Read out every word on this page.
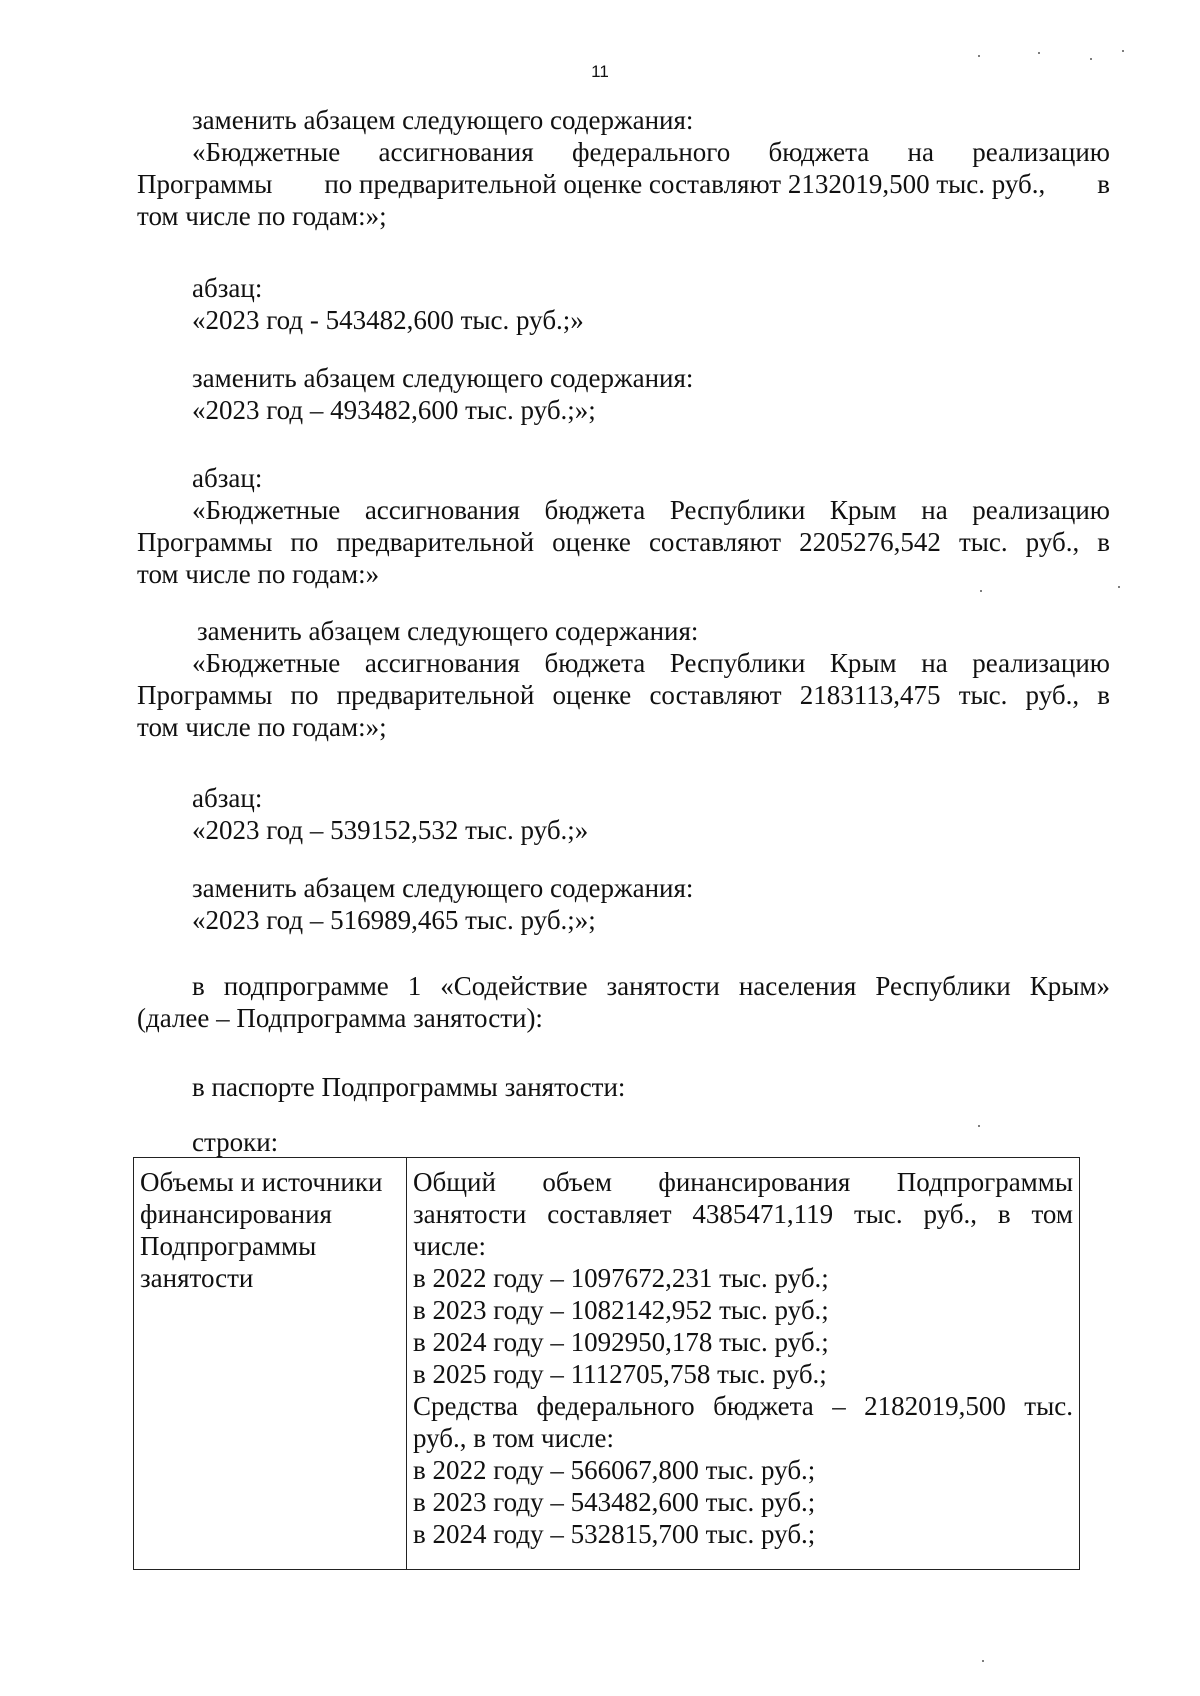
11
заменить абзацем следующего содержания:
«Бюджетные ассигнования федерального бюджета на реализацию
Программы по предварительной оценке составляют 2132019,500 тыс. руб., в
том числе по годам:»;
абзац:
«2023 год - 543482,600 тыс. руб.;»
заменить абзацем следующего содержания:
«2023 год – 493482,600 тыс. руб.;»;
абзац:
«Бюджетные ассигнования бюджета Республики Крым на реализацию
Программы по предварительной оценке составляют 2205276,542 тыс. руб., в
том числе по годам:»
заменить абзацем следующего содержания:
«Бюджетные ассигнования бюджета Республики Крым на реализацию
Программы по предварительной оценке составляют 2183113,475 тыс. руб., в
том числе по годам:»;
абзац:
«2023 год – 539152,532 тыс. руб.;»
заменить абзацем следующего содержания:
«2023 год – 516989,465 тыс. руб.;»;
в подпрограмме 1 «Содействие занятости населения Республики Крым»
(далее – Подпрограмма занятости):
в паспорте Подпрограммы занятости:
строки:
Объемы и источники
финансирования
Подпрограммы
занятости
Общий объем финансирования Подпрограммы
занятости составляет 4385471,119 тыс. руб., в том
числе:
в 2022 году – 1097672,231 тыс. руб.;
в 2023 году – 1082142,952 тыс. руб.;
в 2024 году – 1092950,178 тыс. руб.;
в 2025 году – 1112705,758 тыс. руб.;
Средства федерального бюджета – 2182019,500 тыс.
руб., в том числе:
в 2022 году – 566067,800 тыс. руб.;
в 2023 году – 543482,600 тыс. руб.;
в 2024 году – 532815,700 тыс. руб.;
